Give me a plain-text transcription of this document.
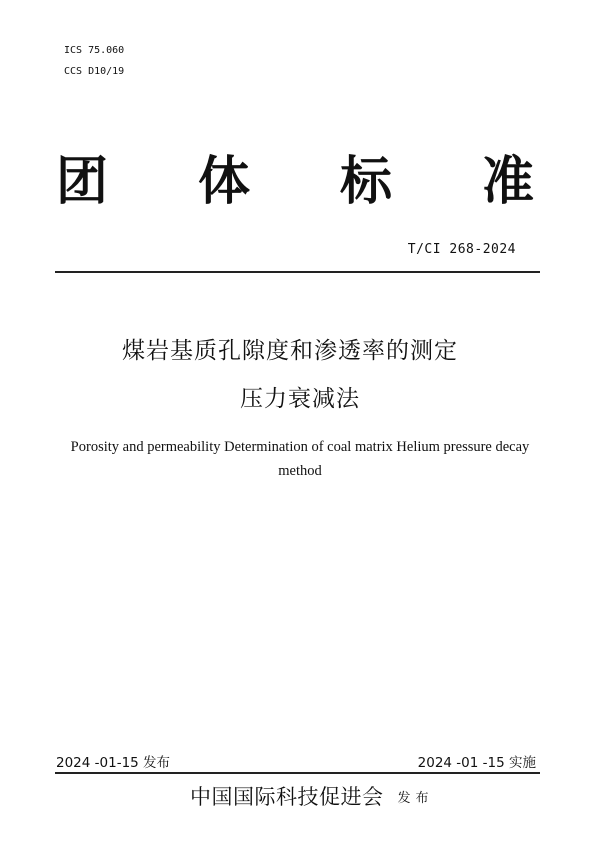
ICS 75.060
CCS D10/19
团 体 标 准
T/CI 268-2024
煤岩基质孔隙度和渗透率的测定
压力衰减法
Porosity and permeability Determination of coal matrix Helium pressure decay method
2024 -01-15 发布	2024 -01 -15 实施
中国国际科技促进会 发布
